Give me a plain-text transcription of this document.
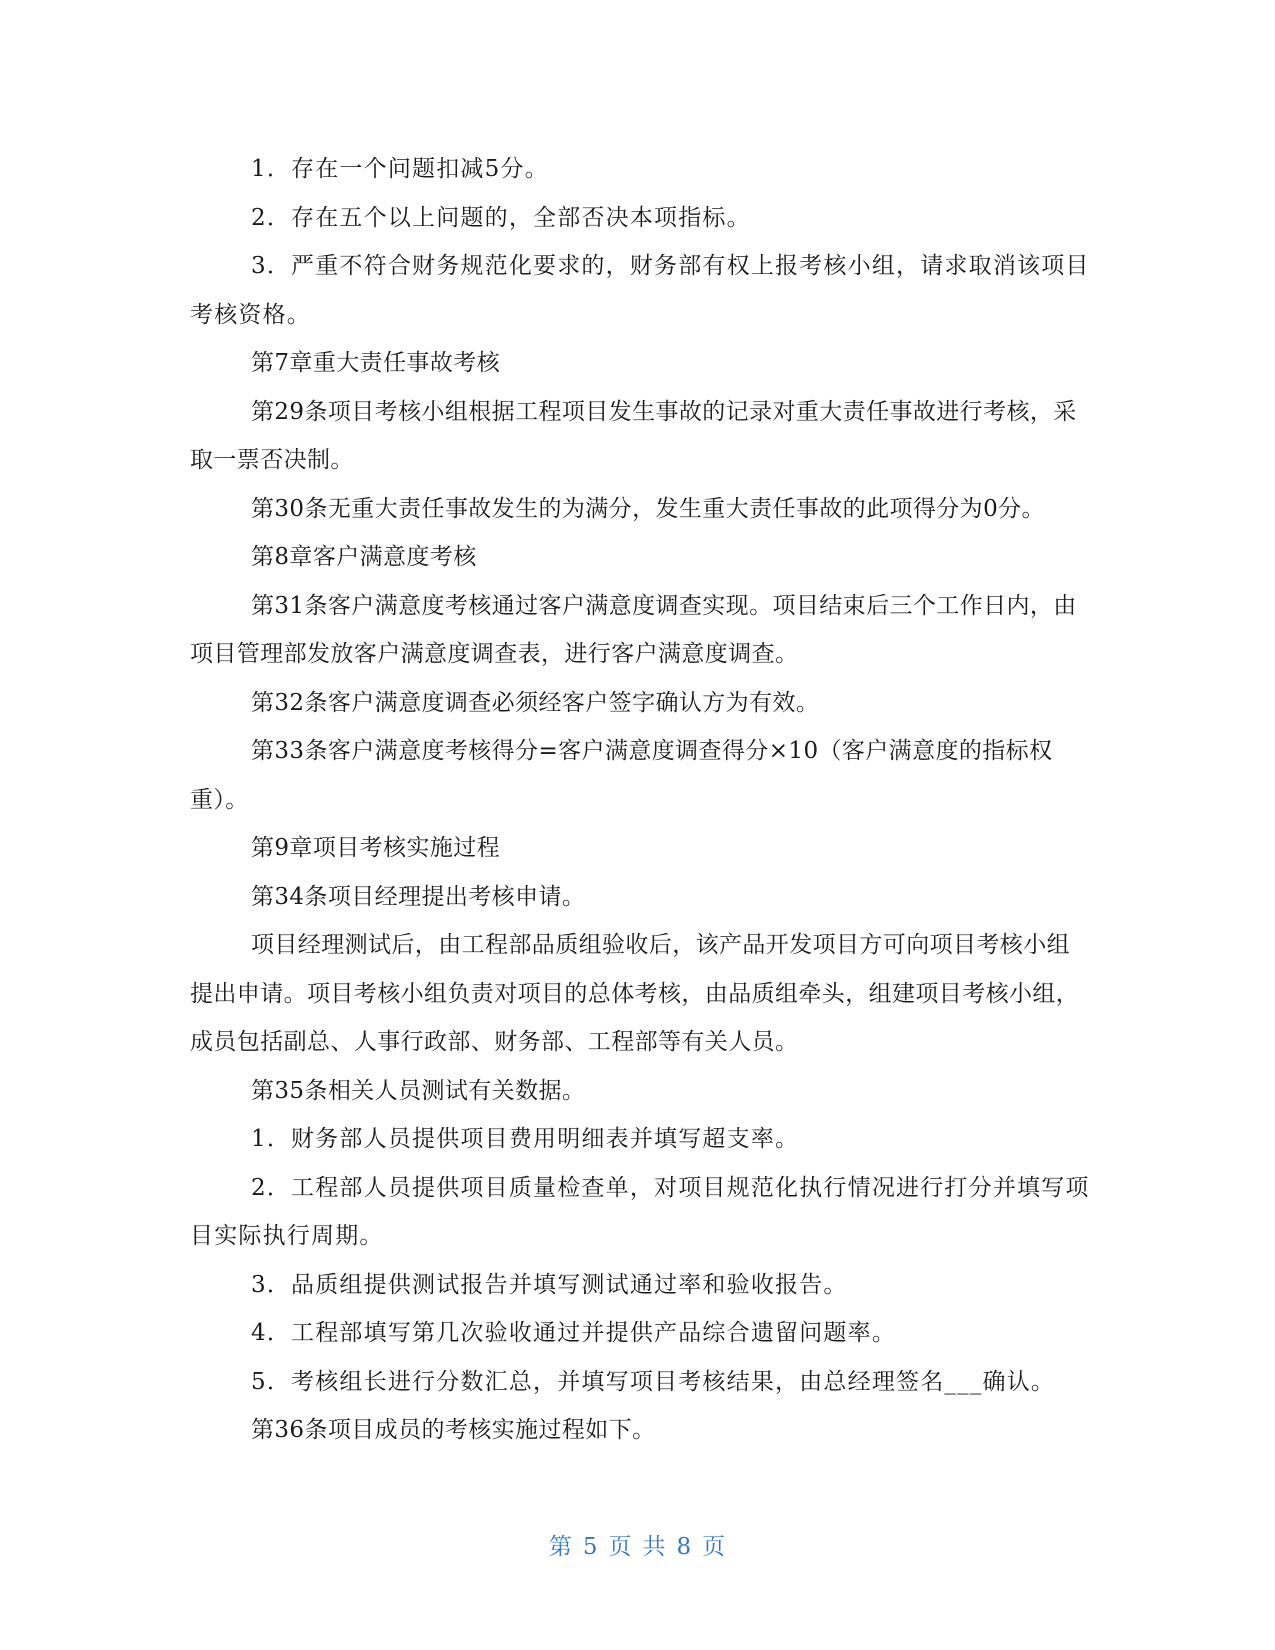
1．存在一个问题扣减5分。

2．存在五个以上问题的，全部否决本项指标。

3．严重不符合财务规范化要求的，财务部有权上报考核小组，请求取消该项目考核资格。

第7章重大责任事故考核

第29条项目考核小组根据工程项目发生事故的记录对重大责任事故进行考核，采取一票否决制。

第30条无重大责任事故发生的为满分，发生重大责任事故的此项得分为0分。

第8章客户满意度考核

第31条客户满意度考核通过客户满意度调查实现。项目结束后三个工作日内，由项目管理部发放客户满意度调查表，进行客户满意度调查。

第32条客户满意度调查必须经客户签字确认方为有效。

第33条客户满意度考核得分=客户满意度调查得分×10（客户满意度的指标权重）。

第9章项目考核实施过程

第34条项目经理提出考核申请。

项目经理测试后，由工程部品质组验收后，该产品开发项目方可向项目考核小组提出申请。项目考核小组负责对项目的总体考核，由品质组牵头，组建项目考核小组，成员包括副总、人事行政部、财务部、工程部等有关人员。

第35条相关人员测试有关数据。

1．财务部人员提供项目费用明细表并填写超支率。

2．工程部人员提供项目质量检查单，对项目规范化执行情况进行打分并填写项目实际执行周期。

3．品质组提供测试报告并填写测试通过率和验收报告。

4．工程部填写第几次验收通过并提供产品综合遗留问题率。

5．考核组长进行分数汇总，并填写项目考核结果，由总经理签名___确认。

第36条项目成员的考核实施过程如下。

第 5 页 共 8 页
